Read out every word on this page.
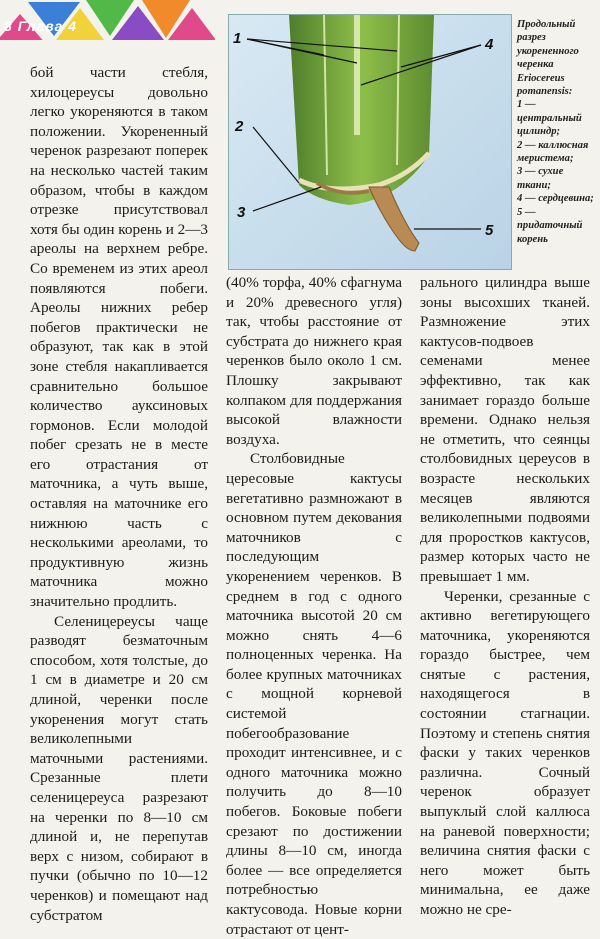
8 Глава 4
1
2
3
4
5

Продольный разрез укорененного черенка Eriocereus pomanensis:

1 — центральный цилиндр;

2 — каллюсная меристема;

3 — сухие ткани;

4 — сердцевина;

5 — придаточный корень

бой части стебля, хилоцереусы довольно легко укореняются в таком положении. Укорененный черенок разрезают поперек на несколько частей таким образом, чтобы в каждом отрезке присутствовал хотя бы один корень и 2—3 ареолы на верхнем ребре. Со временем из этих ареол появляются побеги. Ареолы нижних ребер побегов практически не образуют, так как в этой зоне стебля накапливается сравнительно большое количество ауксиновых гормонов. Если молодой побег срезать не в месте его отрастания от маточника, а чуть выше, оставляя на маточнике его нижнюю часть с несколькими ареолами, то продуктивную жизнь маточника можно значительно продлить.

Селеницереусы чаще разводят безматочным способом, хотя толстые, до 1 см в диаметре и 20 см длиной, черенки после укоренения могут стать великолепными маточными растениями. Срезанные плети селеницереуса разрезают на черенки по 8—10 см длиной и, не перепутав верх с низом, собирают в пучки (обычно по 10—12 черенков) и помещают над субстратом

(40% торфа, 40% сфагнума и 20% древесного угля) так, чтобы расстояние от субстрата до нижнего края черенков было около 1 см. Плошку закрывают колпаком для поддержания высокой влажности воздуха.

Столбовидные цересовые кактусы вегетативно размножают в основном путем декования маточников с последующим укоренением черенков. В среднем в год с одного маточника высотой 20 см можно снять 4—6 полноценных черенка. На более крупных маточниках с мощной корневой системой побегообразование проходит интенсивнее, и с одного маточника можно получить до 8—10 побегов. Боковые побеги срезают по достижении длины 8—10 см, иногда более — все определяется потребностью кактусовода. Новые корни отрастают от цент-

рального цилиндра выше зоны высохших тканей. Размножение этих кактусов-подвоев семенами менее эффективно, так как занимает гораздо больше времени. Однако нельзя не отметить, что сеянцы столбовидных цереусов в возрасте нескольких месяцев являются великолепными подвоями для проростков кактусов, размер которых часто не превышает 1 мм.

Черенки, срезанные с активно вегетирующего маточника, укореняются гораздо быстрее, чем снятые с растения, находящегося в состоянии стагнации. Поэтому и степень снятия фаски у таких черенков различна. Сочный черенок образует выпуклый слой каллюса на раневой поверхности; величина снятия фаски с него может быть минимальна, ее даже можно не сре-
